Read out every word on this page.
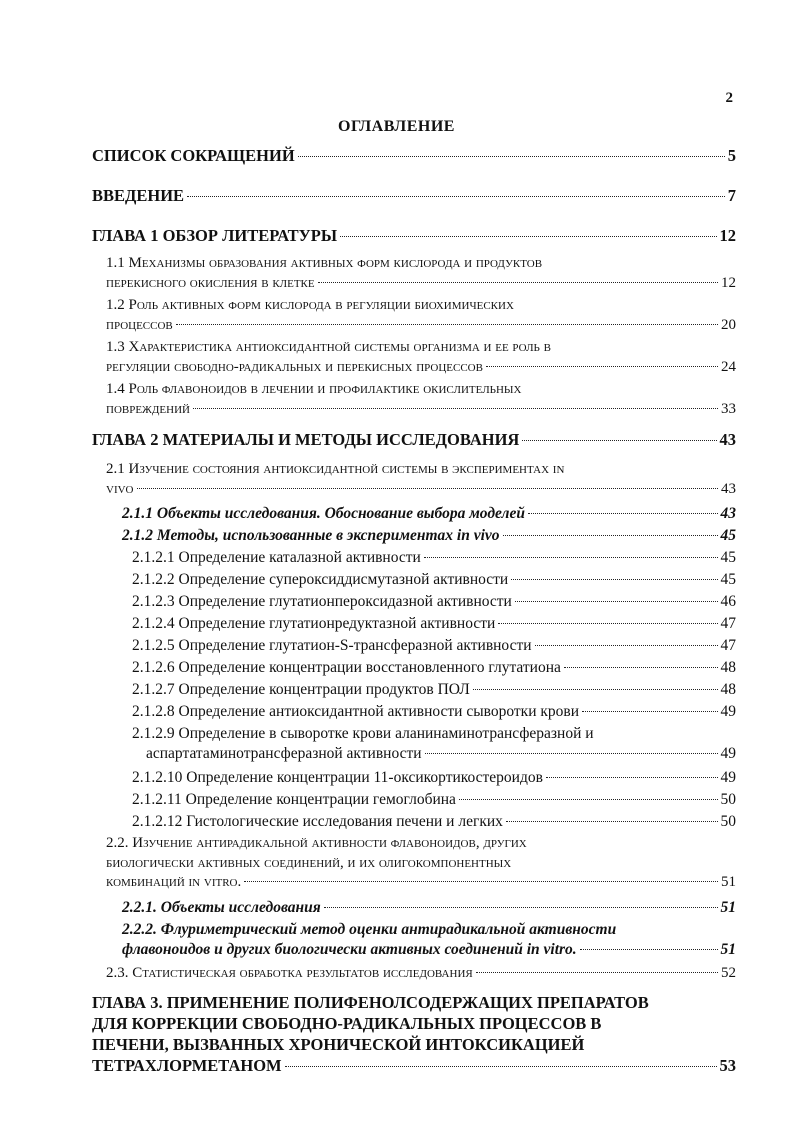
2
ОГЛАВЛЕНИЕ
СПИСОК СОКРАЩЕНИЙ	5
ВВЕДЕНИЕ	7
ГЛАВА 1 ОБЗОР ЛИТЕРАТУРЫ	12
1.1 Механизмы образования активных форм кислорода и продуктов
перекисного окисления в клетке	12
1.2 Роль активных форм кислорода в регуляции биохимических
процессов	20
1.3 Характеристика антиоксидантной системы организма и ее роль в
регуляции свободно-радикальных и перекисных процессов	24
1.4 Роль флавоноидов в лечении и профилактике окислительных
повреждений	33
ГЛАВА 2 МАТЕРИАЛЫ И МЕТОДЫ ИССЛЕДОВАНИЯ	43
2.1 Изучение состояния антиоксидантной системы в экспериментах in
vivo	43
2.1.1 Объекты исследования. Обоснование выбора моделей	43
2.1.2 Методы, использованные в экспериментах in vivo	45
2.1.2.1 Определение каталазной активности	45
2.1.2.2 Определение супероксиддисмутазной активности	45
2.1.2.3 Определение глутатионпероксидазной активности	46
2.1.2.4 Определение глутатионредуктазной активности	47
2.1.2.5 Определение глутатион-S-трансферазной активности	47
2.1.2.6 Определение концентрации восстановленного глутатиона	48
2.1.2.7 Определение концентрации продуктов ПОЛ	48
2.1.2.8 Определение антиоксидантной активности сыворотки крови	49
2.1.2.9 Определение в сыворотке крови аланинаминотрансферазной и
аспартатаминотрансферазной активности	49
2.1.2.10 Определение концентрации 11-оксикортикостероидов	49
2.1.2.11 Определение концентрации гемоглобина	50
2.1.2.12 Гистологические исследования печени и легких	50
2.2. Изучение антирадикальной активности флавоноидов, других
биологически активных соединений, и их олигокомпонентных
комбинаций in vitro.	51
2.2.1. Объекты исследования	51
2.2.2. Флуриметрический метод оценки антирадикальной активности
флавоноидов и других биологически активных соединений in vitro.	51
2.3. Статистическая обработка результатов исследования	52
ГЛАВА 3. ПРИМЕНЕНИЕ ПОЛИФЕНОЛСОДЕРЖАЩИХ ПРЕПАРАТОВ
ДЛЯ КОРРЕКЦИИ СВОБОДНО-РАДИКАЛЬНЫХ ПРОЦЕССОВ В
ПЕЧЕНИ, ВЫЗВАННЫХ ХРОНИЧЕСКОЙ ИНТОКСИКАЦИЕЙ
ТЕТРАХЛОРМЕТАНОМ	53
